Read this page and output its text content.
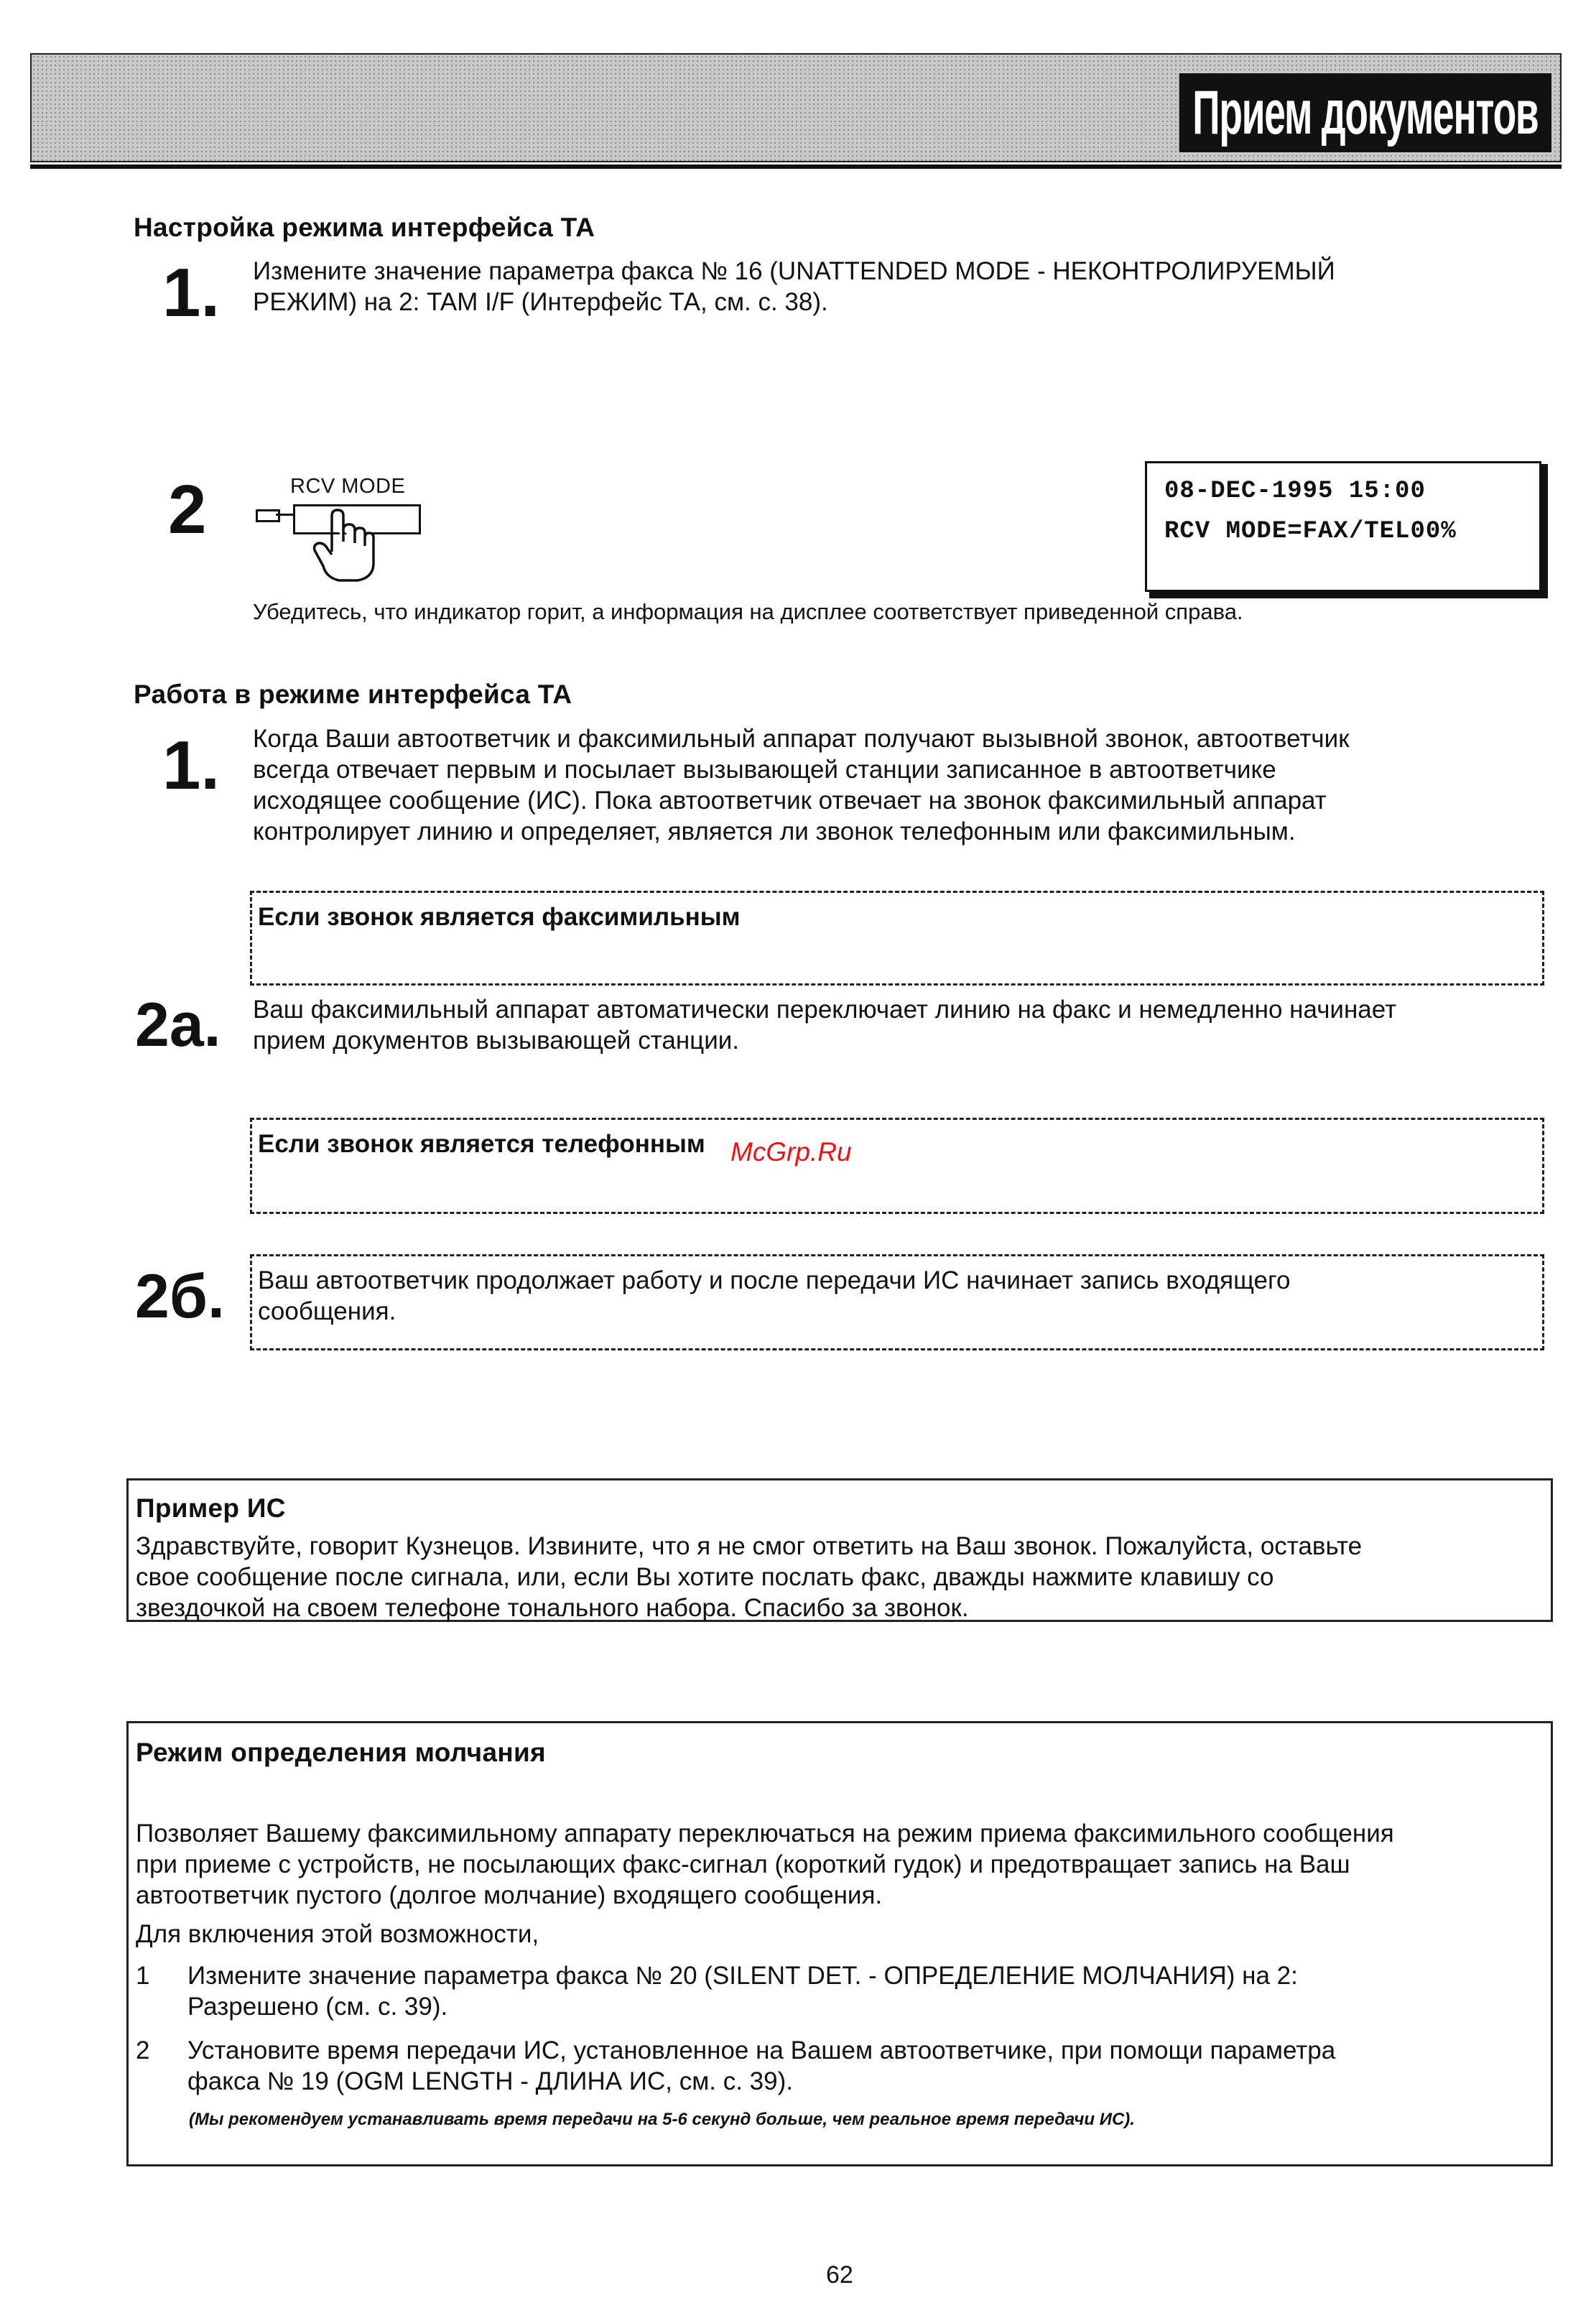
Прием документов
Настройка режима интерфейса ТА
1. Измените значение параметра факса № 16 (UNATTENDED MODE - НЕКОНТРОЛИРУЕМЫЙ
РЕЖИМ) на 2: TAM I/F (Интерфейс ТА, см. с. 38).
2	RCV MODE	08-DEC-1995 15:00
RCV MODE=FAX/TEL00%
Убедитесь, что индикатор горит, а информация на дисплее соответствует приведенной справа.
Работа в режиме интерфейса ТА
1. Когда Ваши автоответчик и факсимильный аппарат получают вызывной звонок, автоответчик
всегда отвечает первым и посылает вызывающей станции записанное в автоответчике
исходящее сообщение (ИС). Пока автоответчик отвечает на звонок факсимильный аппарат
контролирует линию и определяет, является ли звонок телефонным или факсимильным.
Если звонок является факсимильным
2a. Ваш факсимильный аппарат автоматически переключает линию на факс и немедленно начинает
прием документов вызывающей станции.
Если звонок является телефонным McGrp.Ru
2б. Ваш автоответчик продолжает работу и после передачи ИС начинает запись входящего
сообщения.
Пример ИС
Здравствуйте, говорит Кузнецов. Извините, что я не смог ответить на Ваш звонок. Пожалуйста, оставьте
свое сообщение после сигнала, или, если Вы хотите послать факс, дважды нажмите клавишу со
звездочкой на своем телефоне тонального набора. Спасибо за звонок.
Режим определения молчания
Позволяет Вашему факсимильному аппарату переключаться на режим приема факсимильного сообщения
при приеме с устройств, не посылающих факс-сигнал (короткий гудок) и предотвращает запись на Ваш
автоответчик пустого (долгое молчание) входящего сообщения.
Для включения этой возможности,
1 Измените значение параметра факса № 20 (SILENT DET. - ОПРЕДЕЛЕНИЕ МОЛЧАНИЯ) на 2:
Разрешено (см. с. 39).
2 Установите время передачи ИС, установленное на Вашем автоответчике, при помощи параметра
факса № 19 (OGM LENGTH - ДЛИНА ИС, см. с. 39).
(Мы рекомендуем устанавливать время передачи на 5-6 секунд больше, чем реальное время передачи ИС).
62
